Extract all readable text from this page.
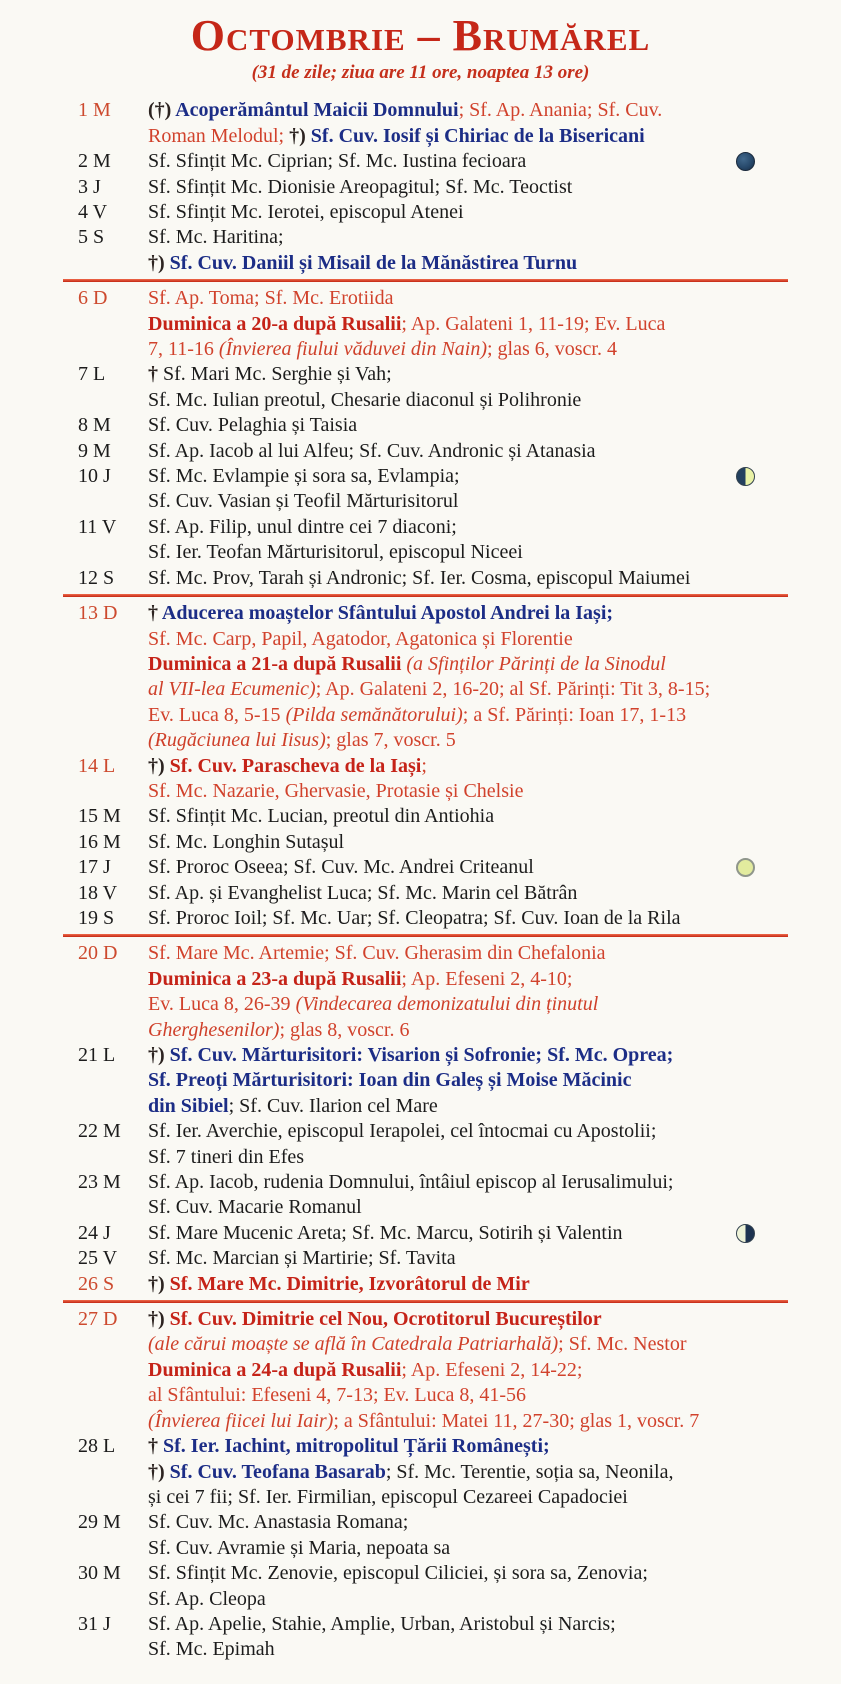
Octombrie – Brumărel
(31 de zile; ziua are 11 ore, noaptea 13 ore)
1 M	(†) Acoperământul Maicii Domnului; Sf. Ap. Anania; Sf. Cuv.
Roman Melodul; †) Sf. Cuv. Iosif și Chiriac de la Bisericani
2 M	Sf. Sfințit Mc. Ciprian; Sf. Mc. Iustina fecioara
3 J	Sf. Sfințit Mc. Dionisie Areopagitul; Sf. Mc. Teoctist
4 V	Sf. Sfințit Mc. Ierotei, episcopul Atenei
5 S	Sf. Mc. Haritina;
†) Sf. Cuv. Daniil și Misail de la Mănăstirea Turnu
6 D	Sf. Ap. Toma; Sf. Mc. Erotiida
Duminica a 20-a după Rusalii; Ap. Galateni 1, 11-19; Ev. Luca
7, 11-16 (Învierea fiului văduvei din Nain); glas 6, voscr. 4
7 L	† Sf. Mari Mc. Serghie și Vah;
Sf. Mc. Iulian preotul, Chesarie diaconul și Polihronie
8 M	Sf. Cuv. Pelaghia și Taisia
9 M	Sf. Ap. Iacob al lui Alfeu; Sf. Cuv. Andronic și Atanasia
10 J	Sf. Mc. Evlampie și sora sa, Evlampia;
Sf. Cuv. Vasian și Teofil Mărturisitorul
11 V	Sf. Ap. Filip, unul dintre cei 7 diaconi;
Sf. Ier. Teofan Mărturisitorul, episcopul Niceei
12 S	Sf. Mc. Prov, Tarah și Andronic; Sf. Ier. Cosma, episcopul Maiumei
13 D	† Aducerea moaștelor Sfântului Apostol Andrei la Iași;
Sf. Mc. Carp, Papil, Agatodor, Agatonica și Florentie
Duminica a 21-a după Rusalii (a Sfinților Părinți de la Sinodul
al VII-lea Ecumenic); Ap. Galateni 2, 16-20; al Sf. Părinți: Tit 3, 8-15;
Ev. Luca 8, 5-15 (Pilda semănătorului); a Sf. Părinți: Ioan 17, 1-13
(Rugăciunea lui Iisus); glas 7, voscr. 5
14 L	†) Sf. Cuv. Parascheva de la Iași;
Sf. Mc. Nazarie, Ghervasie, Protasie și Chelsie
15 M	Sf. Sfințit Mc. Lucian, preotul din Antiohia
16 M	Sf. Mc. Longhin Sutașul
17 J	Sf. Proroc Oseea; Sf. Cuv. Mc. Andrei Criteanul
18 V	Sf. Ap. și Evanghelist Luca; Sf. Mc. Marin cel Bătrân
19 S	Sf. Proroc Ioil; Sf. Mc. Uar; Sf. Cleopatra; Sf. Cuv. Ioan de la Rila
20 D	Sf. Mare Mc. Artemie; Sf. Cuv. Gherasim din Chefalonia
Duminica a 23-a după Rusalii; Ap. Efeseni 2, 4-10;
Ev. Luca 8, 26-39 (Vindecarea demonizatului din ținutul
Gherghesenilor); glas 8, voscr. 6
21 L	†) Sf. Cuv. Mărturisitori: Visarion și Sofronie; Sf. Mc. Oprea;
Sf. Preoți Mărturisitori: Ioan din Galeș și Moise Măcinic
din Sibiel; Sf. Cuv. Ilarion cel Mare
22 M	Sf. Ier. Averchie, episcopul Ierapolei, cel întocmai cu Apostolii;
Sf. 7 tineri din Efes
23 M	Sf. Ap. Iacob, rudenia Domnului, întâiul episcop al Ierusalimului;
Sf. Cuv. Macarie Romanul
24 J	Sf. Mare Mucenic Areta; Sf. Mc. Marcu, Sotirih și Valentin
25 V	Sf. Mc. Marcian și Martirie; Sf. Tavita
26 S	†) Sf. Mare Mc. Dimitrie, Izvorâtorul de Mir
27 D	†) Sf. Cuv. Dimitrie cel Nou, Ocrotitorul Bucureștilor
(ale cărui moaște se află în Catedrala Patriarhală); Sf. Mc. Nestor
Duminica a 24-a după Rusalii; Ap. Efeseni 2, 14-22;
al Sfântului: Efeseni 4, 7-13; Ev. Luca 8, 41-56
(Învierea fiicei lui Iair); a Sfântului: Matei 11, 27-30; glas 1, voscr. 7
28 L	† Sf. Ier. Iachint, mitropolitul Țării Românești;
†) Sf. Cuv. Teofana Basarab; Sf. Mc. Terentie, soția sa, Neonila,
și cei 7 fii; Sf. Ier. Firmilian, episcopul Cezareei Capadociei
29 M	Sf. Cuv. Mc. Anastasia Romana;
Sf. Cuv. Avramie și Maria, nepoata sa
30 M	Sf. Sfințit Mc. Zenovie, episcopul Ciliciei, și sora sa, Zenovia;
Sf. Ap. Cleopa
31 J	Sf. Ap. Apelie, Stahie, Amplie, Urban, Aristobul și Narcis;
Sf. Mc. Epimah
